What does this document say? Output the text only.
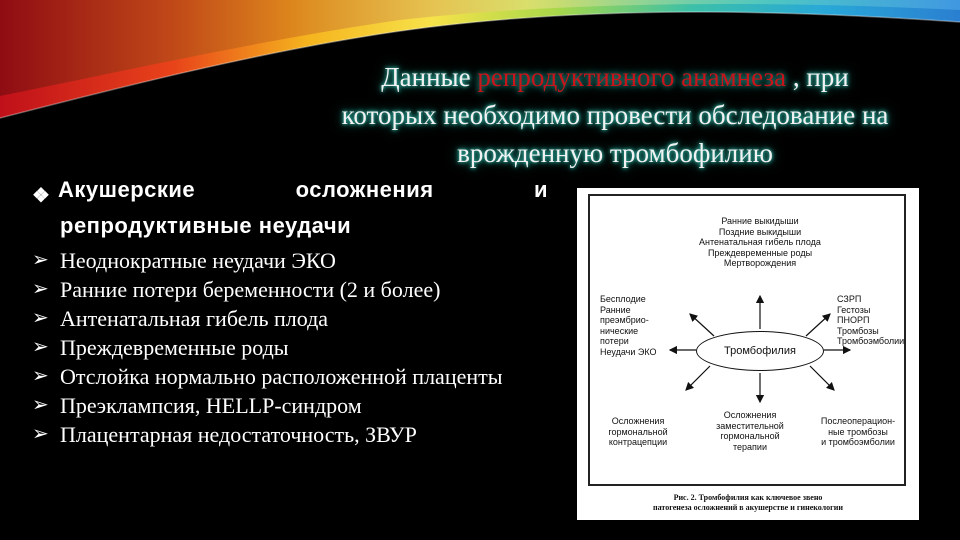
Данные репродуктивного анамнеза , при
которых необходимо провести обследование на
врожденную тромбофилию
❖ Акушерские	осложнения	и
репродуктивные неудачи
➢ Неоднократные неудачи ЭКО
➢ Ранние потери беременности (2 и более)
➢ Антенатальная гибель плода
➢ Преждевременные роды
➢ Отслойка нормально расположенной плаценты
➢ Преэклампсия, HELLP-синдром
➢ Плацентарная недостаточность, ЗВУР
Ранние выкидыши
Поздние выкидыши
Антенатальная гибель плода
Преждевременные роды
Мертворождения
Бесплодие
Ранние
преэмбрио-
нические
потери
Неудачи ЭКО
СЗРП
Гестозы
ПНОРП
Тромбозы
Тромбоэмболии
Тромбофилия
Осложнения
гормональной
контрацепции
Осложнения
заместительной
гормональной
терапии
Послеоперацион-
ные тромбозы
и тромбоэмболии
Рис. 2. Тромбофилия как ключевое звено
патогенеза осложнений в акушерстве и гинекологии
